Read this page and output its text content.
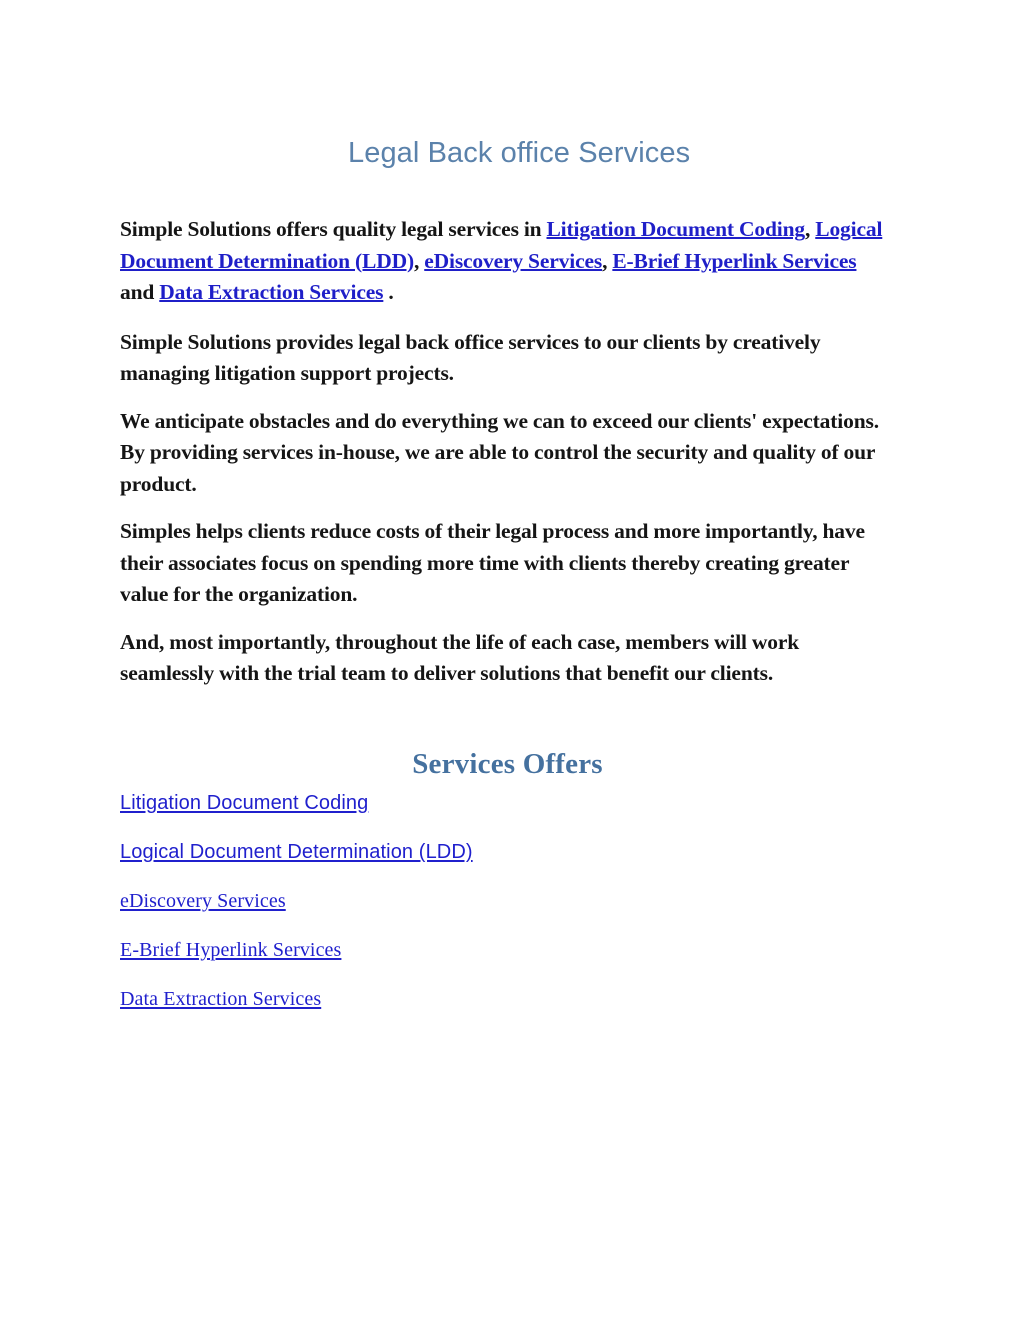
Legal Back office Services

Simple Solutions offers quality legal services in Litigation Document Coding, Logical Document Determination (LDD), eDiscovery Services, E-Brief Hyperlink Services and Data Extraction Services .

Simple Solutions provides legal back office services to our clients by creatively managing litigation support projects.

We anticipate obstacles and do everything we can to exceed our clients' expectations. By providing services in-house, we are able to control the security and quality of our product.

Simples helps clients reduce costs of their legal process and more importantly, have their associates focus on spending more time with clients thereby creating greater value for the organization.

And, most importantly, throughout the life of each case, members will work seamlessly with the trial team to deliver solutions that benefit our clients.

Services Offers
Litigation Document Coding
Logical Document Determination (LDD)
eDiscovery Services
E-Brief Hyperlink Services
Data Extraction Services
